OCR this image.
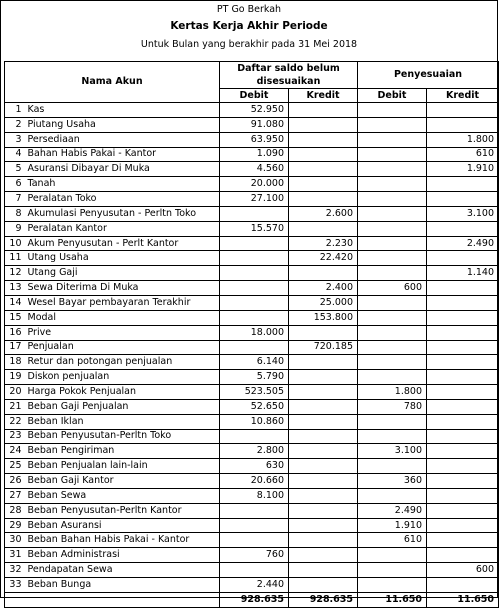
PT Go Berkah
Kertas Kerja Akhir Periode
Untuk Bulan yang berakhir pada 31 Mei 2018
Nama Akun		Daftar saldo belum disesuaikan		Penyesuaian	
		Debit	Kredit	Debit	Kredit
1	Kas	52.950			
2	Piutang Usaha	91.080			
3	Persediaan	63.950			1.800
4	Bahan Habis Pakai - Kantor	1.090			610
5	Asuransi Dibayar Di Muka	4.560			1.910
6	Tanah	20.000			
7	Peralatan Toko	27.100			
8	Akumulasi Penyusutan - Perltn Toko		2.600		3.100
9	Peralatan Kantor	15.570			
10	Akum Penyusutan - Perlt Kantor		2.230		2.490
11	Utang Usaha		22.420		
12	Utang Gaji				1.140
13	Sewa Diterima Di Muka		2.400	600	
14	Wesel Bayar pembayaran Terakhir		25.000		
15	Modal		153.800		
16	Prive	18.000			
17	Penjualan		720.185		
18	Retur dan potongan penjualan	6.140			
19	Diskon penjualan	5.790			
20	Harga Pokok Penjualan	523.505		1.800	
21	Beban Gaji Penjualan	52.650		780	
22	Beban Iklan	10.860			
23	Beban Penyusutan-Perltn Toko				
24	Beban Pengiriman	2.800		3.100	
25	Beban Penjualan lain-lain	630			
26	Beban Gaji Kantor	20.660		360	
27	Beban Sewa	8.100			
28	Beban Penyusutan-Perltn Kantor			2.490	
29	Beban Asuransi			1.910	
30	Beban Bahan Habis Pakai - Kantor			610	
31	Beban Administrasi	760			
32	Pendapatan Sewa				600
33	Beban Bunga	2.440			
		928.635	928.635	11.650	11.650
